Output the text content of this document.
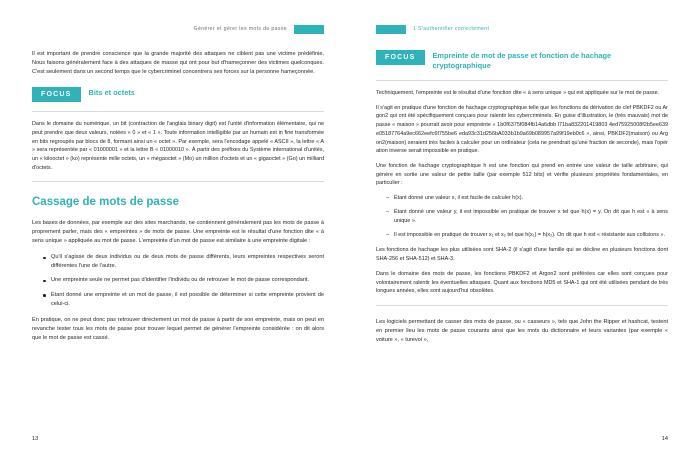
Générer et gérer les mots de passe

Il est important de prendre conscience que la grande majorité des attaques ne ciblent pas une victime prédéfinie. Nous faisons généralement face à des attaques de masse qui ont pour but d'hameçonner des victimes quelconques. C'est seulement dans un second temps que le cybercriminel concentrera ses forces sur la personne hameçonnée.

FOCUS	Bits et octets

Dans le domaine du numérique, un bit (contraction de l'anglais binary digit) est l'unité d'information élémentaire, qui ne peut prendre que deux valeurs, notées « 0 » et « 1 ». Toute information intelligible par un humain est in fine transformée en bits regroupés par blocs de 8, formant ainsi un « octet ». Par exemple, sera l'encodage appelé « ASCII », la lettre « A » sera représentée par « 01000001 » et la lettre B « 01000010 ». À partir des préfixes du Système international d'unités, un « kilooctet » (ko) représente mille octets, un « mégaoctet » (Mo) un million d'octets et un « gigaoctet » (Go) un milliard d'octets.

Cassage de mots de passe

Les bases de données, par exemple sur des sites marchands, ne contiennent généralement pas les mots de passe à proprement parler, mais des « empreintes » de mots de passe. Une empreinte est le résultat d'une fonction dite « à sens unique » appliquée au mot de passe. L'empreinte d'un mot de passe est similaire à une empreinte digitale :

Qu'il s'agisse de deux individus ou de deux mots de passe différents, leurs empreintes respectives seront différentes l'une de l'autre.
Une empreinte seule ne permet pas d'identifier l'individu ou de retrouver le mot de passe correspondant.
Étant donné une empreinte et un mot de passe, il est possible de déterminer si cette empreinte provient de celui-ci.

En pratique, on ne peut donc pas retrouver directement un mot de passe à partir de son empreinte, mais on peut en revanche tester tous les mots de passe pour trouver lequel permet de générer l'empreinte considérée : on dit alors que le mot de passe est cassé.

13
1 S'authentifier correctement
FOCUS	Empreinte de mot de passe et fonction de hachage cryptographique

Techniquement, l'empreinte est le résultat d'une fonction dite « à sens unique » qui est appliquée sur le mot de passe.

Il s'agit en pratique d'une fonction de hachage cryptographique telle que les fonctions de dérivation de clef PBKDF2 ou Argon2 qui ont été spécifiquement conçues pour ralentir les cybercriminels. En guise d'illustration, le (très mauvais) mot de passe « maison » pourrait avoir pour empreinte « 1b0f6375f084fb14a6dbb l71ba832201419803 4ed75925008f2b5ee639e05187764a9ec662eefc6f755be6 eda93c31d256bA033b1b9a69b089957a99f19eb0c6 », ainsi, PBKDF2(maison) ou Argon2(maison) seraient très faciles à calculer pour un ordinateur (cela ne prendrait qu'une fraction de seconde), mais l'opération inverse serait impossible en pratique.

Une fonction de hachage cryptographique h est une fonction qui prend en entrée une valeur de taille arbitraire, qui génère en sortie une valeur de petite taille (par exemple 512 bits) et vérifie plusieurs propriétés fondamentales, en particulier :

– Étant donné une valeur x, il est facile de calculer h(x).
– Étant donné une valeur y, il est impossible en pratique de trouver x tel que h(x) = y. On dit que h est « à sens unique ».
– Il est impossible en pratique de trouver x₁ et x₂ tel que h(x₁) = h(x₂). On dit que h est « résistante aux collisions ».

Les fonctions de hachage les plus utilisées sont SHA-2 (il s'agit d'une famille qui se décline en plusieurs fonctions dont SHA-256 et SHA-512) et SHA-3.

Dans le domaine des mots de passe, les fonctions PBKDF2 et Argon2 sont préférées car elles sont conçues pour volontairement ralentir les éventuelles attaques. Quant aux fonctions MD5 et SHA-1 qui ont été utilisées pendant de très longues années, elles sont aujourd'hui obsolètes.

Les logiciels permettant de casser des mots de passe, ou « casseurs », tels que John the Ripper et hashcat, testent en premier lieu les mots de passe courants ainsi que les mots du dictionnaire et leurs variantes (par exemple « voiture », « turevoi »,

14
